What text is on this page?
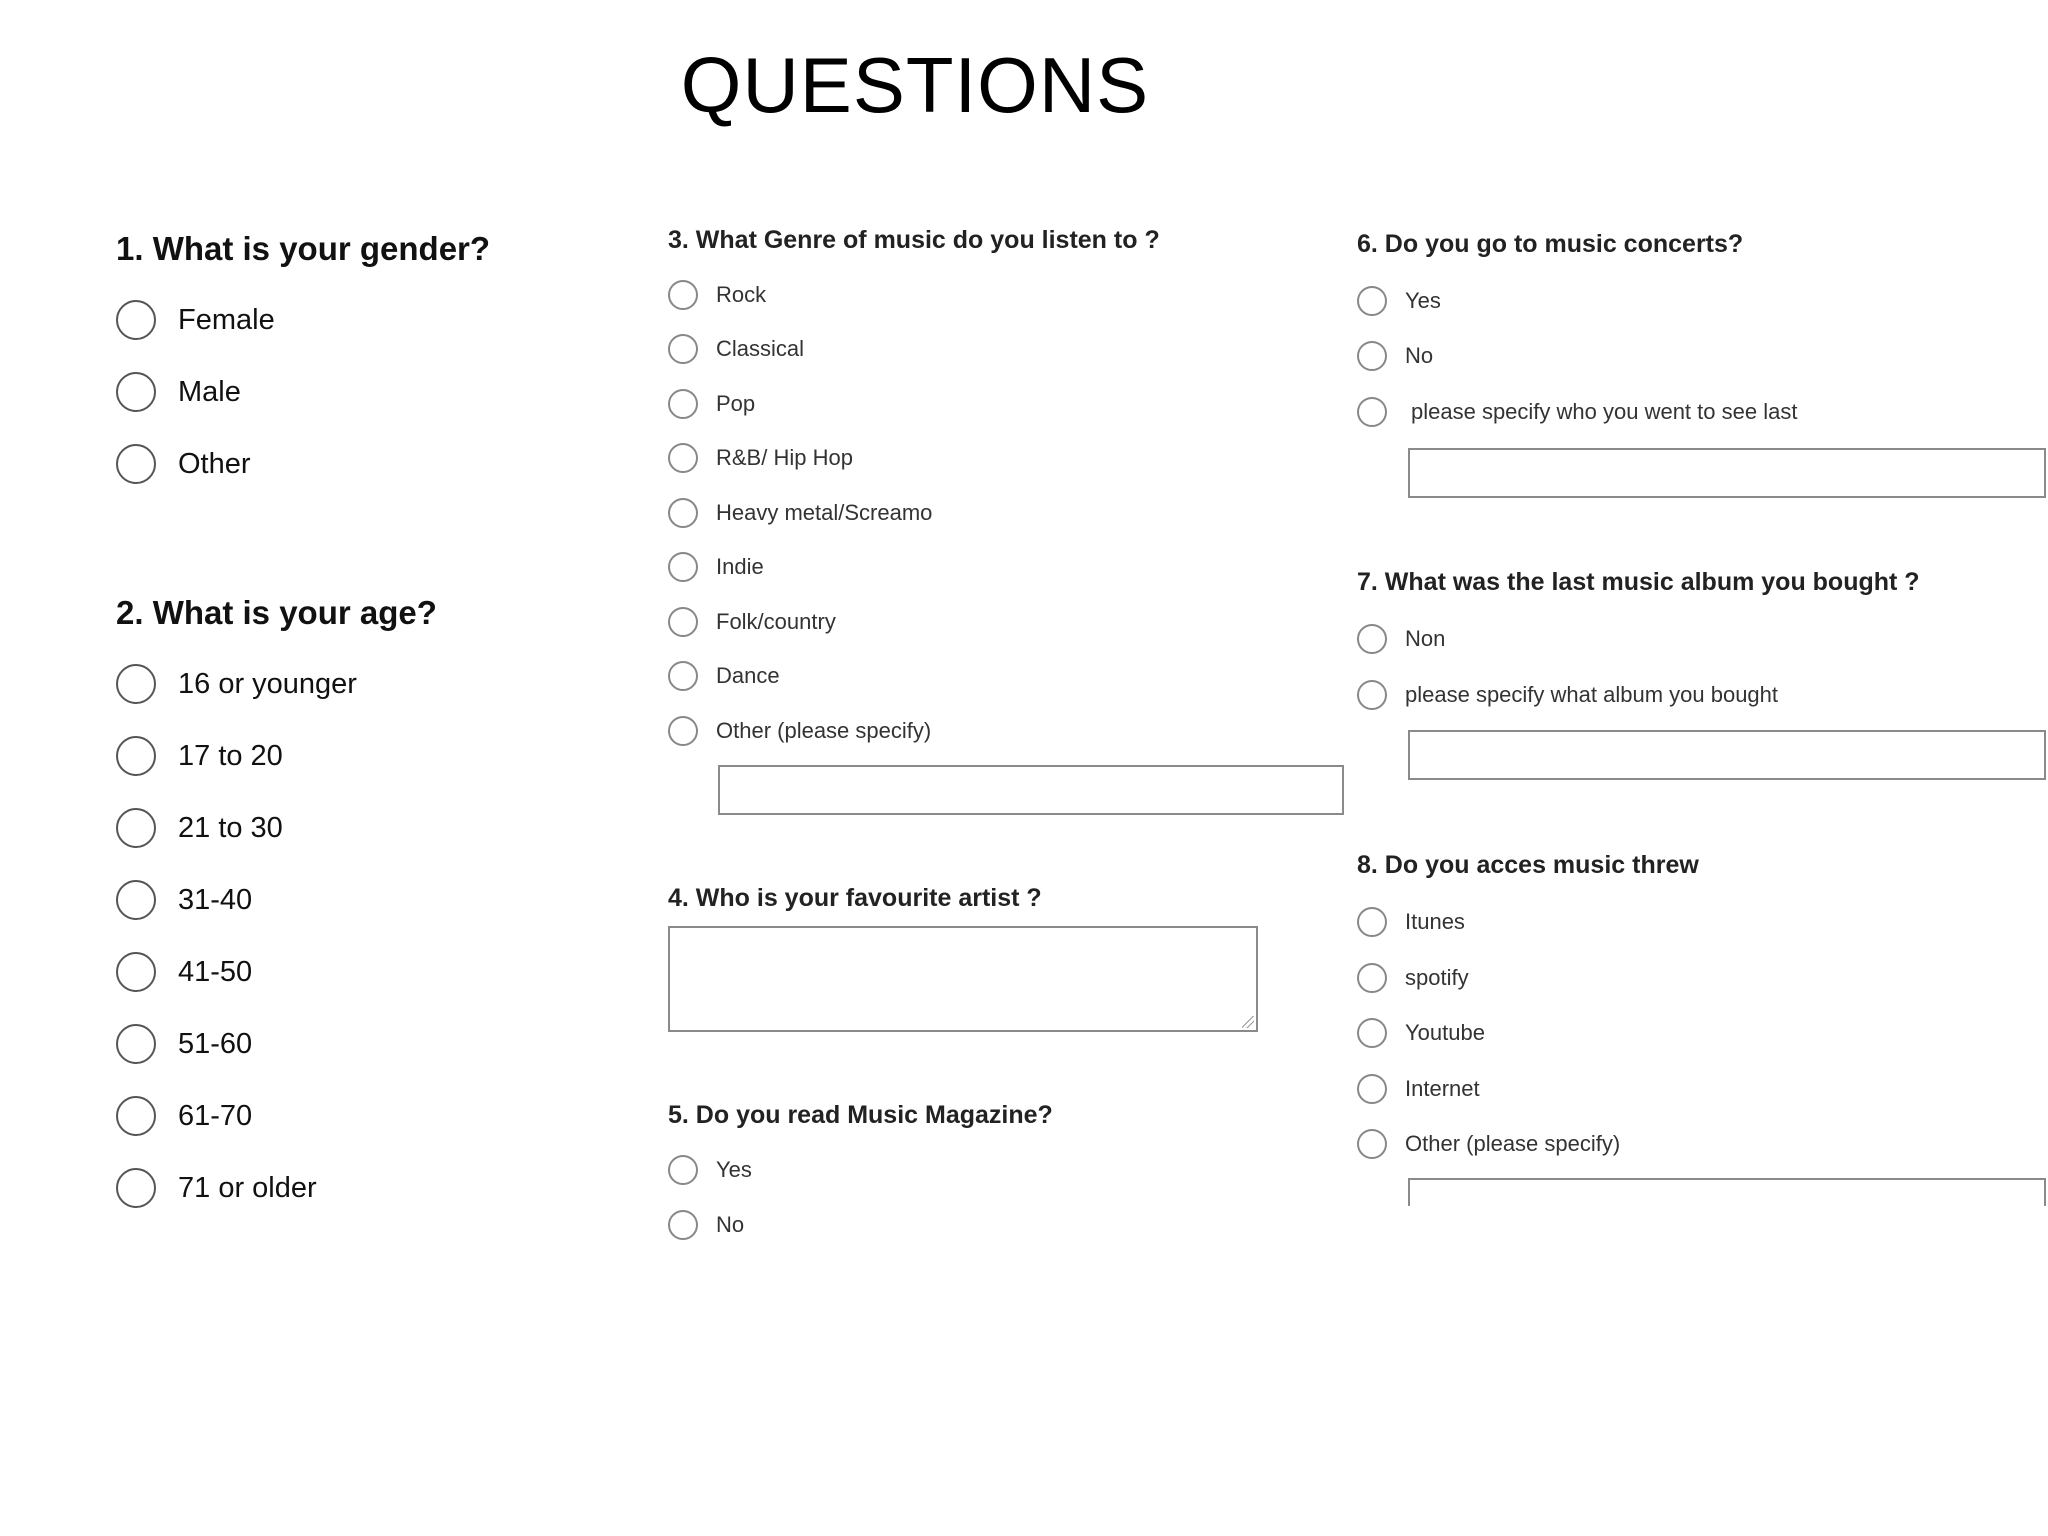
QUESTIONS
1. What is your gender?
Female
Male
Other
2. What is your age?
16 or younger
17 to 20
21 to 30
31-40
41-50
51-60
61-70
71 or older
3. What Genre of music do you listen to ?
Rock
Classical
Pop
R&B/ Hip Hop
Heavy metal/Screamo
Indie
Folk/country
Dance
Other (please specify)
4. Who is your favourite artist ?
5. Do you read Music Magazine?
Yes
No
6. Do you go to music concerts?
Yes
No
please specify who you went to see last
7. What was the last music album you bought ?
Non
please specify what album you bought
8. Do you acces music threw
Itunes
spotify
Youtube
Internet
Other (please specify)
